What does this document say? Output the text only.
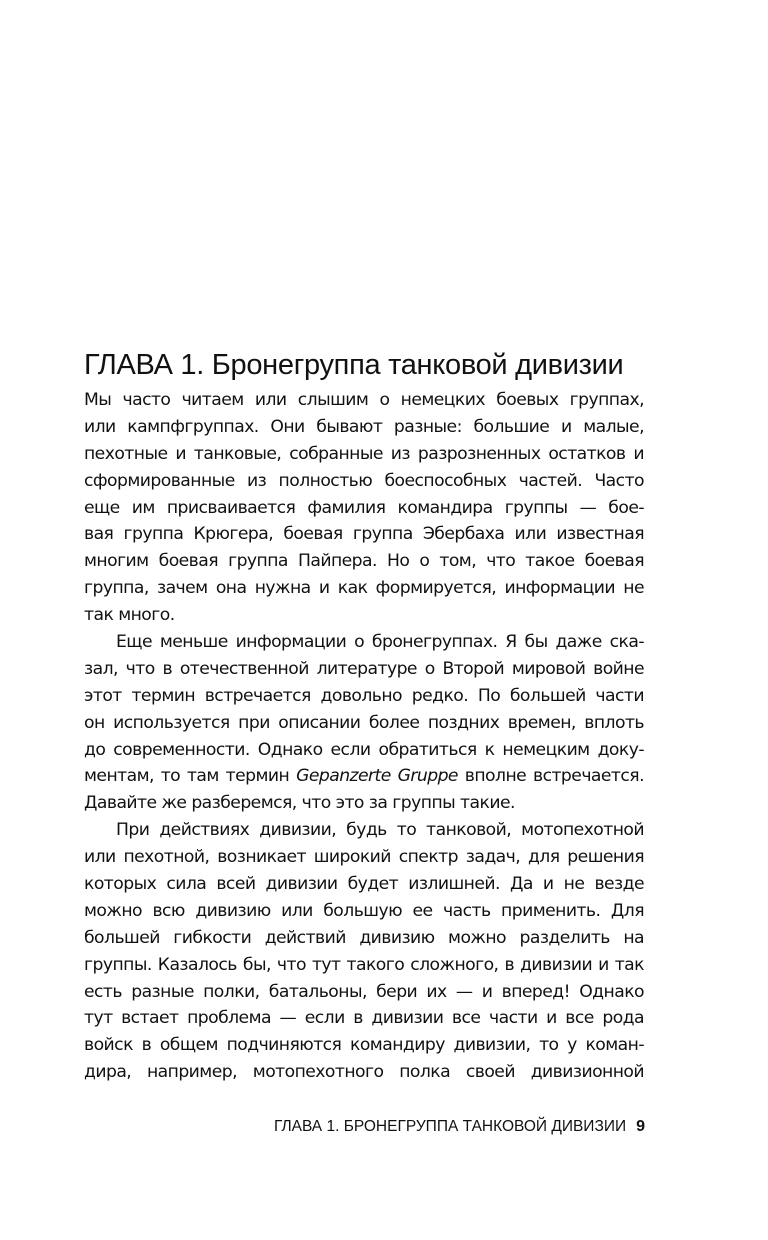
ГЛАВА 1. Бронегруппа танковой дивизии
Мы часто читаем или слышим о немецких боевых группах,
или кампфгруппах. Они бывают разные: большие и малые,
пехотные и танковые, собранные из разрозненных остатков и
сформированные из полностью боеспособных частей. Часто
еще им присваивается фамилия командира группы — бое-
вая группа Крюгера, боевая группа Эбербаха или известная
многим боевая группа Пайпера. Но о том, что такое боевая
группа, зачем она нужна и как формируется, информации не
так много.
Еще меньше информации о бронегруппах. Я бы даже ска-
зал, что в отечественной литературе о Второй мировой войне
этот термин встречается довольно редко. По большей части
он используется при описании более поздних времен, вплоть
до современности. Однако если обратиться к немецким доку-
ментам, то там термин Gepanzerte Gruppe вполне встречается.
Давайте же разберемся, что это за группы такие.
При действиях дивизии, будь то танковой, мотопехотной
или пехотной, возникает широкий спектр задач, для решения
которых сила всей дивизии будет излишней. Да и не везде
можно всю дивизию или большую ее часть применить. Для
большей гибкости действий дивизию можно разделить на
группы. Казалось бы, что тут такого сложного, в дивизии и так
есть разные полки, батальоны, бери их — и вперед! Однако
тут встает проблема — если в дивизии все части и все рода
войск в общем подчиняются командиру дивизии, то у коман-
дира, например, мотопехотного полка своей дивизионной
ГЛАВА 1. БРОНЕГРУППА ТАНКОВОЙ ДИВИЗИИ 9
